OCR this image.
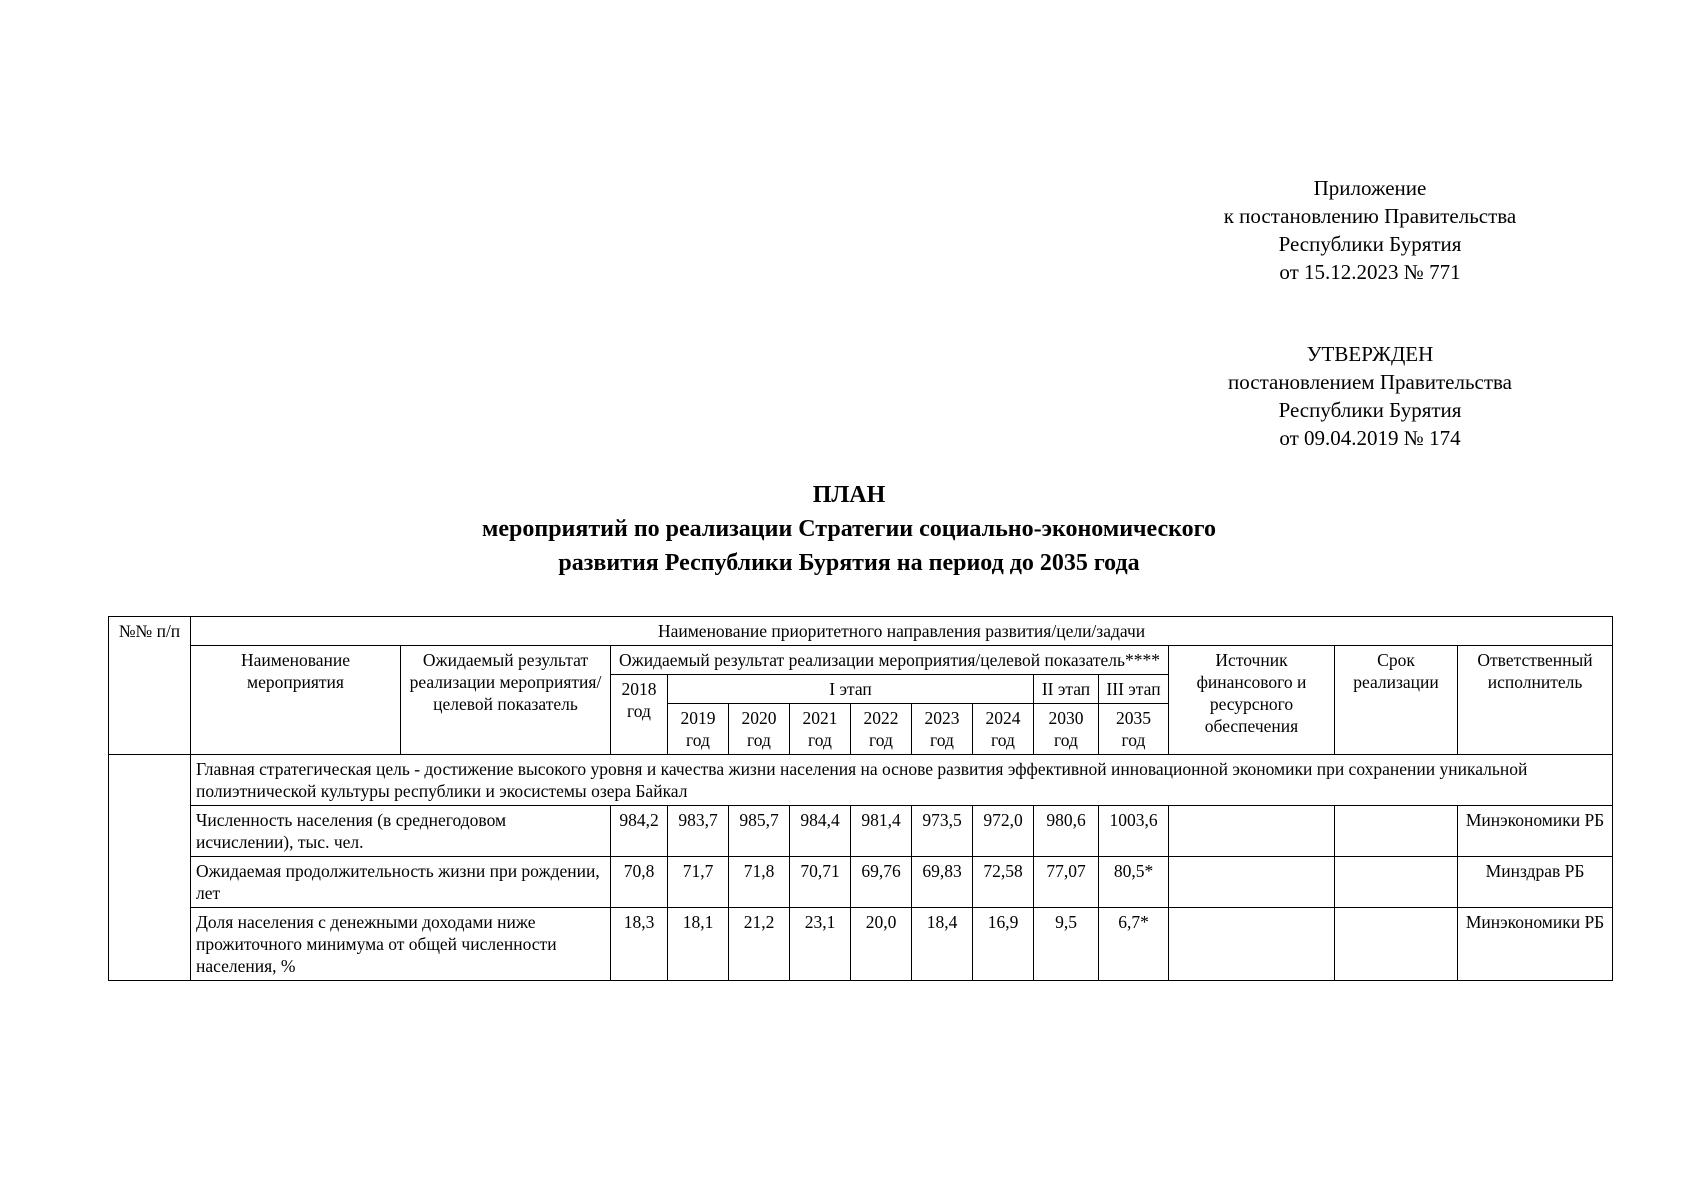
Приложение
к постановлению Правительства
Республики Бурятия
от 15.12.2023 № 771
УТВЕРЖДЕН
постановлением Правительства
Республики Бурятия
от 09.04.2019 № 174
ПЛАН
мероприятий по реализации Стратегии социально-экономического
развития Республики Бурятия на период до 2035 года
№№ п/п	Наименование приоритетного направления развития/цели/задачи													
	Наименование мероприятия	Ожидаемый результат реализации мероприятия/целевой показатель	Ожидаемый результат реализации мероприятия/целевой показатель****									Источник финансового и ресурсного обеспечения	Срок реализации	Ответственный исполнитель
			2018 год	I этап						II этап	III этап			
				2019 год	2020 год	2021 год	2022 год	2023 год	2024 год	2030 год	2035 год			
	Главная стратегическая цель - достижение высокого уровня и качества жизни населения на основе развития эффективной инновационной экономики при сохранении уникальной полиэтнической культуры республики и экосистемы озера Байкал													
	Численность населения (в среднегодовом исчислении), тыс. чел.		984,2	983,7	985,7	984,4	981,4	973,5	972,0	980,6	1003,6			Минэкономики РБ
	Ожидаемая продолжительность жизни при рождении, лет		70,8	71,7	71,8	70,71	69,76	69,83	72,58	77,07	80,5*			Минздрав РБ
	Доля населения с денежными доходами ниже прожиточного минимума от общей численности населения, %		18,3	18,1	21,2	23,1	20,0	18,4	16,9	9,5	6,7*			Минэкономики РБ
